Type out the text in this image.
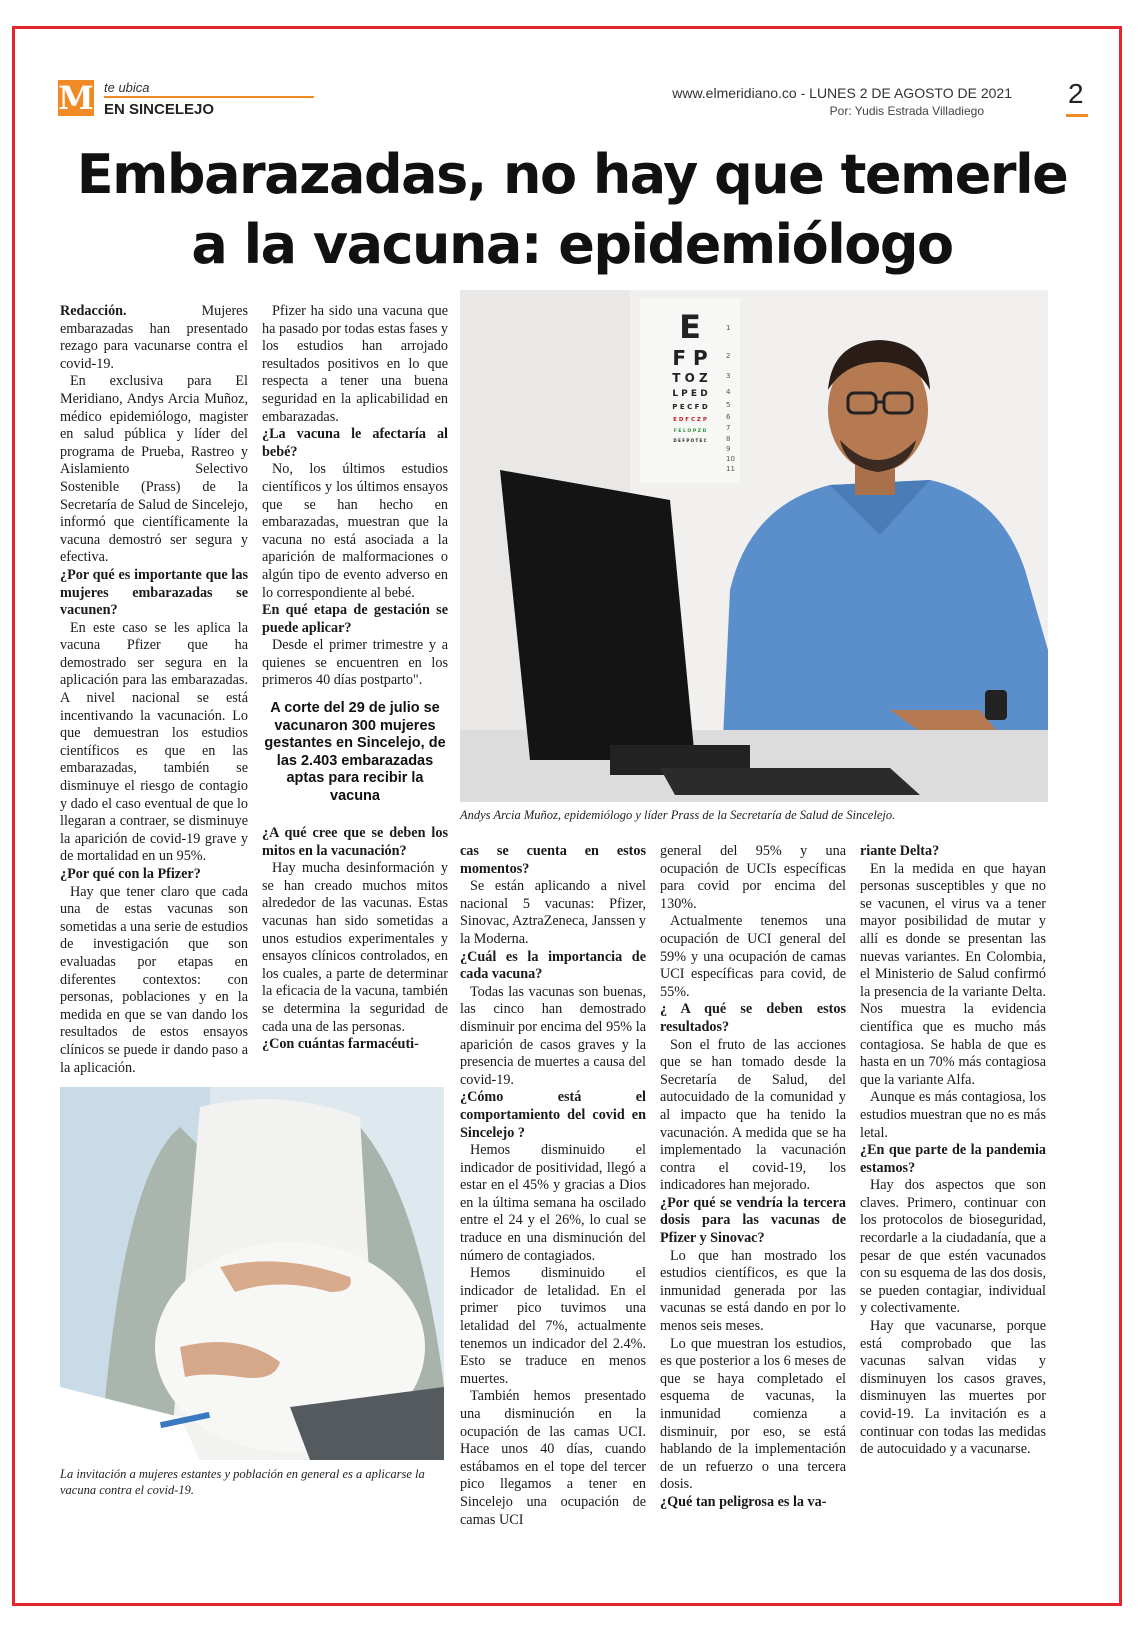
M te ubica
EN SINCELEJO
www.elmeridiano.co - LUNES 2 DE AGOSTO DE 2021
Por: Yudis Estrada Villadiego
2
Embarazadas, no hay que temerle
a la vacuna: epidemiólogo

Redacción. Mujeres embarazadas han presentado rezago para vacunarse contra el covid-19.

En exclusiva para El Meridiano, Andys Arcia Muñoz, médico epidemiólogo, magister en salud pública y líder del programa de Prueba, Rastreo y Aislamiento Selectivo Sostenible (Prass) de la Secretaría de Salud de Sincelejo, informó que científicamente la vacuna demostró ser segura y efectiva.

¿Por qué es importante que las mujeres embarazadas se vacunen?

En este caso se les aplica la vacuna Pfizer que ha demostrado ser segura en la aplicación para las embarazadas. A nivel nacional se está incentivando la vacunación. Lo que demuestran los estudios científicos es que en las embarazadas, también se disminuye el riesgo de contagio y dado el caso eventual de que lo llegaran a contraer, se disminuye la aparición de covid-19 grave y de mortalidad en un 95%.

¿Por qué con la Pfizer?

Hay que tener claro que cada una de estas vacunas son sometidas a una serie de estudios de investigación que son evaluadas por etapas en diferentes contextos: con personas, poblaciones y en la medida en que se van dando los resultados de estos ensayos clínicos se puede ir dando paso a la aplicación.

Pfizer ha sido una vacuna que ha pasado por todas estas fases y los estudios han arrojado resultados positivos en lo que respecta a tener una buena seguridad en la aplicabilidad en embarazadas.

¿La vacuna le afectaría al bebé?

No, los últimos estudios científicos y los últimos ensayos que se han hecho en embarazadas, muestran que la vacuna no está asociada a la aparición de malformaciones o algún tipo de evento adverso en lo correspondiente al bebé.

En qué etapa de gestación se puede aplicar?

Desde el primer trimestre y a quienes se encuentren en los primeros 40 días postparto".

A corte del 29 de julio se vacunaron 300 mujeres gestantes en Sincelejo, de las 2.403 embarazadas aptas para recibir la vacuna

¿A qué cree que se deben los mitos en la vacunación?

Hay mucha desinformación y se han creado muchos mitos alrededor de las vacunas. Estas vacunas han sido sometidas a unos estudios experimentales y ensayos clínicos controlados, en los cuales, a parte de determinar la eficacia de la vacuna, también se determina la seguridad de cada una de las personas.

¿Con cuántas farmacéuti-

E
F P
T O Z
L P E D
P E C F D
E D F C Z P
F E L O P Z D
D E F P O T E C
1
2
3
4
5
6
7
8
9
10
11
Andys Arcia Muñoz, epidemiólogo y líder Prass de la Secretaría de Salud de Sincelejo.

cas se cuenta en estos momentos?

Se están aplicando a nivel nacional 5 vacunas: Pfizer, Sinovac, AztraZeneca, Janssen y la Moderna.

¿Cuál es la importancia de cada vacuna?

Todas las vacunas son buenas, las cinco han demostrado disminuir por encima del 95% la aparición de casos graves y la presencia de muertes a causa del covid-19.

¿Cómo está el comportamiento del covid en Sincelejo ?

Hemos disminuido el indicador de positividad, llegó a estar en el 45% y gracias a Dios en la última semana ha oscilado entre el 24 y el 26%, lo cual se traduce en una disminución del número de contagiados.

Hemos disminuido el indicador de letalidad. En el primer pico tuvimos una letalidad del 7%, actualmente tenemos un indicador del 2.4%. Esto se traduce en menos muertes.

También hemos presentado una disminución en la ocupación de las camas UCI. Hace unos 40 días, cuando estábamos en el tope del tercer pico llegamos a tener en Sincelejo una ocupación de camas UCI

general del 95% y una ocupación de UCIs específicas para covid por encima del 130%.

Actualmente tenemos una ocupación de UCI general del 59% y una ocupación de camas UCI específicas para covid, de 55%.

¿ A qué se deben estos resultados?

Son el fruto de las acciones que se han tomado desde la Secretaría de Salud, del autocuidado de la comunidad y al impacto que ha tenido la vacunación. A medida que se ha implementado la vacunación contra el covid-19, los indicadores han mejorado.

¿Por qué se vendría la tercera dosis para las vacunas de Pfizer y Sinovac?

Lo que han mostrado los estudios científicos, es que la inmunidad generada por las vacunas se está dando en por lo menos seis meses.

Lo que muestran los estudios, es que posterior a los 6 meses de que se haya completado el esquema de vacunas, la inmunidad comienza a disminuir, por eso, se está hablando de la implementación de un refuerzo o una tercera dosis.

¿Qué tan peligrosa es la va-

riante Delta?

En la medida en que hayan personas susceptibles y que no se vacunen, el virus va a tener mayor posibilidad de mutar y allí es donde se presentan las nuevas variantes. En Colombia, el Ministerio de Salud confirmó la presencia de la variante Delta. Nos muestra la evidencia científica que es mucho más contagiosa. Se habla de que es hasta en un 70% más contagiosa que la variante Alfa.

Aunque es más contagiosa, los estudios muestran que no es más letal.

¿En que parte de la pandemia estamos?

Hay dos aspectos que son claves. Primero, continuar con los protocolos de bioseguridad, recordarle a la ciudadanía, que a pesar de que estén vacunados con su esquema de las dos dosis, se pueden contagiar, individual y colectivamente.

Hay que vacunarse, porque está comprobado que las vacunas salvan vidas y disminuyen los casos graves, disminuyen las muertes por covid-19. La invitación es a continuar con todas las medidas de autocuidado y a vacunarse.

La invitación a mujeres estantes y población en general es a aplicarse la vacuna contra el covid-19.
